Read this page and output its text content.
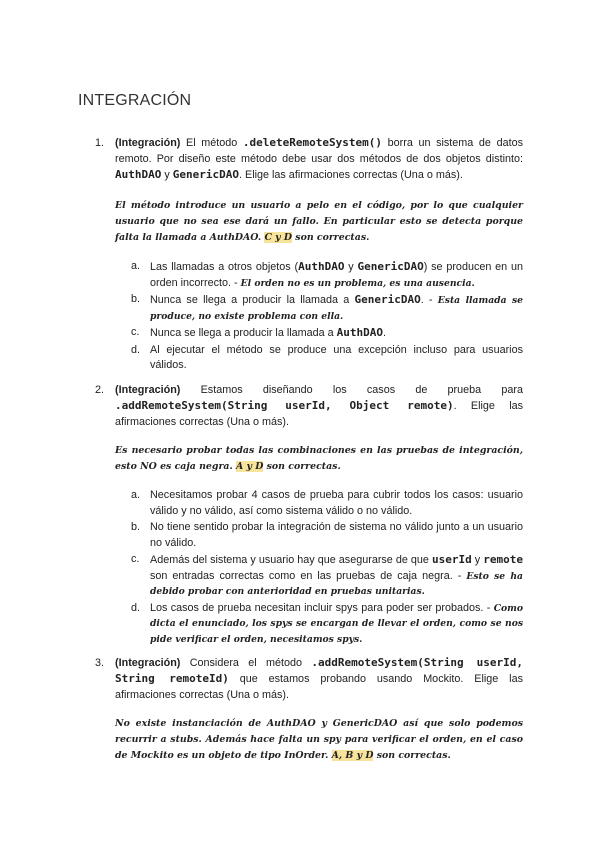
INTEGRACIÓN
1. (Integración) El método .deleteRemoteSystem() borra un sistema de datos remoto. Por diseño este método debe usar dos métodos de dos objetos distinto: AuthDAO y GenericDAO. Elige las afirmaciones correctas (Una o más).
El método introduce un usuario a pelo en el código, por lo que cualquier usuario que no sea ese dará un fallo. En particular esto se detecta porque falta la llamada a AuthDAO. C y D son correctas.
a. Las llamadas a otros objetos (AuthDAO y GenericDAO) se producen en un orden incorrecto. - El orden no es un problema, es una ausencia.
b. Nunca se llega a producir la llamada a GenericDAO. - Esta llamada se produce, no existe problema con ella.
c. Nunca se llega a producir la llamada a AuthDAO.
d. Al ejecutar el método se produce una excepción incluso para usuarios válidos.
2. (Integración) Estamos diseñando los casos de prueba para .addRemoteSystem(String userId, Object remote). Elige las afirmaciones correctas (Una o más).
Es necesario probar todas las combinaciones en las pruebas de integración, esto NO es caja negra. A y D son correctas.
a. Necesitamos probar 4 casos de prueba para cubrir todos los casos: usuario válido y no válido, así como sistema válido o no válido.
b. No tiene sentido probar la integración de sistema no válido junto a un usuario no válido.
c. Además del sistema y usuario hay que asegurarse de que userId y remote son entradas correctas como en las pruebas de caja negra. - Esto se ha debido probar con anterioridad en pruebas unitarias.
d. Los casos de prueba necesitan incluir spys para poder ser probados. - Como dicta el enunciado, los spys se encargan de llevar el orden, como se nos pide verificar el orden, necesitamos spys.
3. (Integración) Considera el método .addRemoteSystem(String userId, String remoteId) que estamos probando usando Mockito. Elige las afirmaciones correctas (Una o más).
No existe instanciación de AuthDAO y GenericDAO así que solo podemos recurrir a stubs. Además hace falta un spy para verificar el orden, en el caso de Mockito es un objeto de tipo InOrder. A, B y D son correctas.
